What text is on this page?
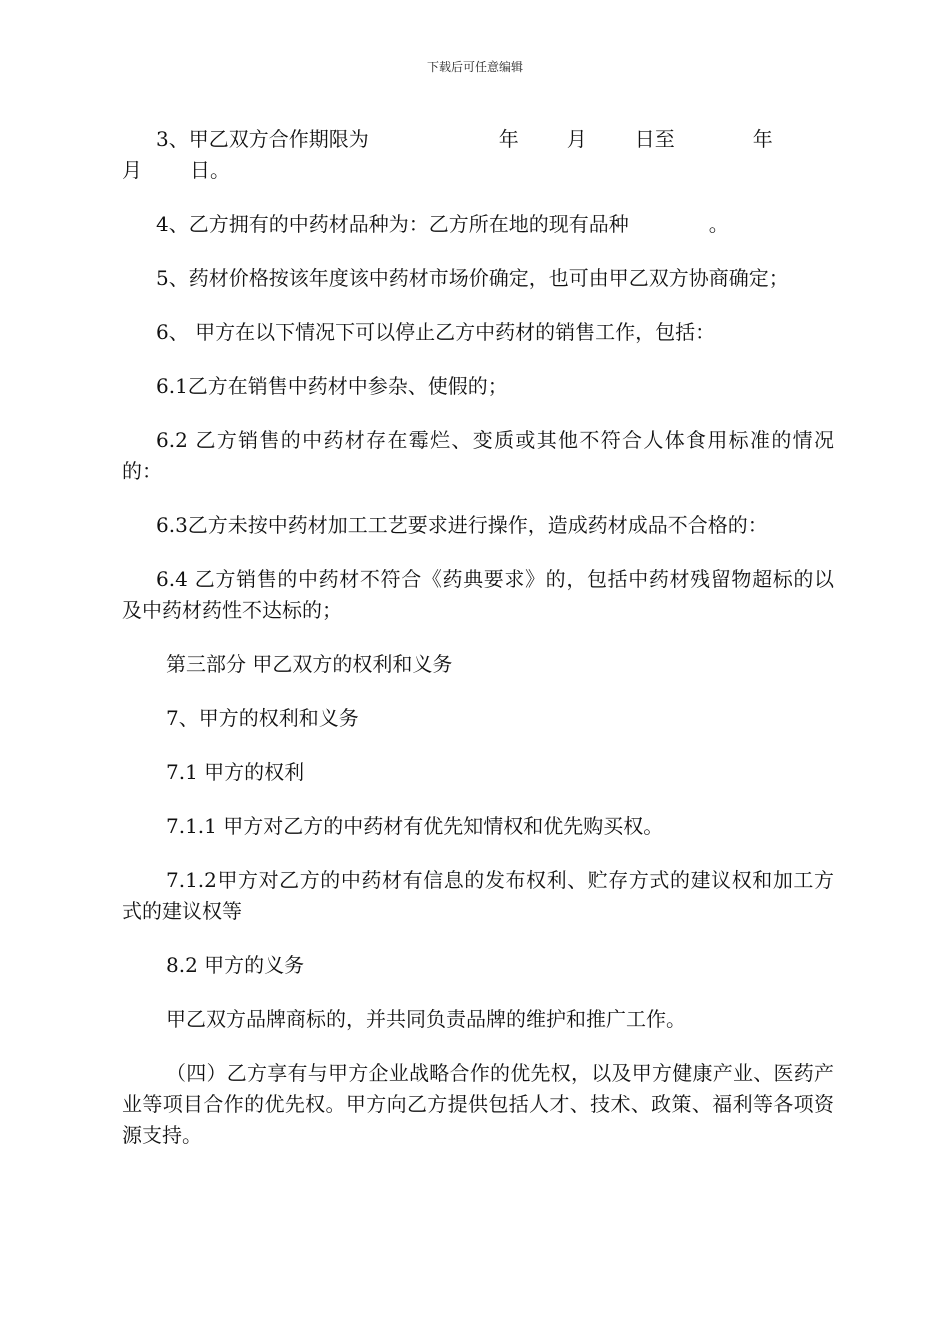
下载后可任意编辑

3、甲乙双方合作期限为	年 月 日至	年
月 日。

4、乙方拥有的中药材品种为：乙方所在地的现有品种	。

5、药材价格按该年度该中药材市场价确定，也可由甲乙双方协商确定；

6、 甲方在以下情况下可以停止乙方中药材的销售工作，包括：

6.1乙方在销售中药材中参杂、使假的；

6.2 乙方销售的中药材存在霉烂、变质或其他不符合人体食用标准的情况的：

6.3乙方未按中药材加工工艺要求进行操作，造成药材成品不合格的：

6.4 乙方销售的中药材不符合《药典要求》的，包括中药材残留物超标的以及中药材药性不达标的；

第三部分 甲乙双方的权利和义务

7、甲方的权利和义务

7.1 甲方的权利

7.1.1 甲方对乙方的中药材有优先知情权和优先购买权。

7.1.2甲方对乙方的中药材有信息的发布权利、贮存方式的建议权和加工方式的建议权等

8.2 甲方的义务

甲乙双方品牌商标的，并共同负责品牌的维护和推广工作。

（四）乙方享有与甲方企业战略合作的优先权，以及甲方健康产业、医药产业等项目合作的优先权。甲方向乙方提供包括人才、技术、政策、福利等各项资源支持。
